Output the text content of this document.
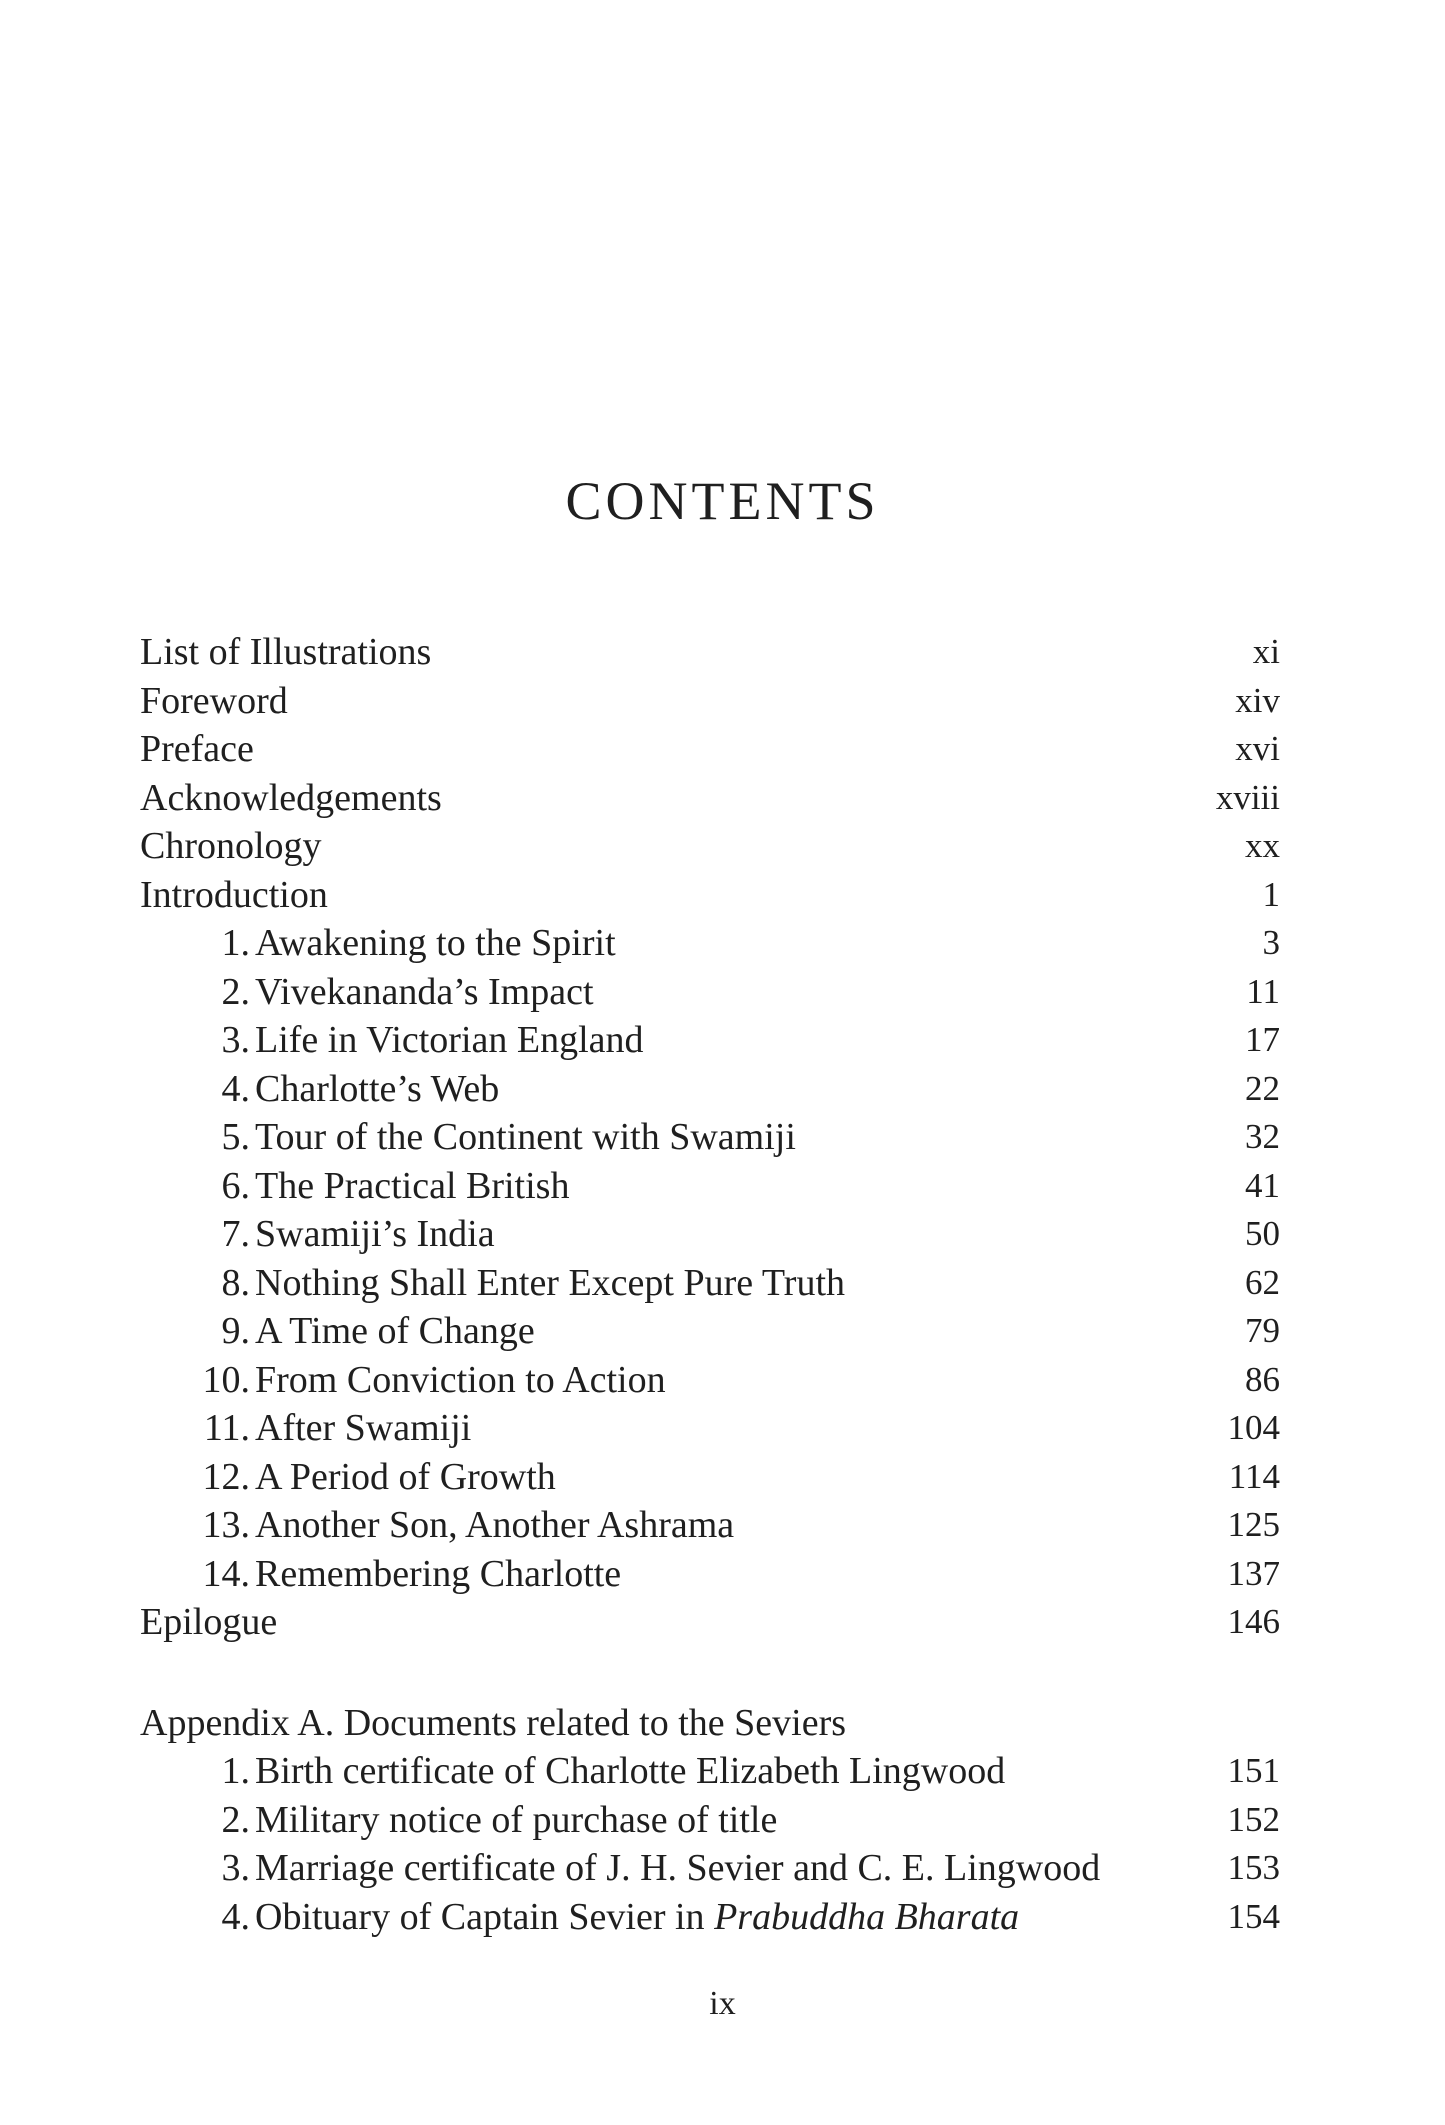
CONTENTS
List of Illustrations	xi
Foreword	xiv
Preface	xvi
Acknowledgements	xviii
Chronology	xx
Introduction	1
1. Awakening to the Spirit	3
2. Vivekananda’s Impact	11
3. Life in Victorian England	17
4. Charlotte’s Web	22
5. Tour of the Continent with Swamiji	32
6. The Practical British	41
7. Swamiji’s India	50
8. Nothing Shall Enter Except Pure Truth	62
9. A Time of Change	79
10. From Conviction to Action	86
11. After Swamiji	104
12. A Period of Growth	114
13. Another Son, Another Ashrama	125
14. Remembering Charlotte	137
Epilogue	146
Appendix A. Documents related to the Seviers
1. Birth certificate of Charlotte Elizabeth Lingwood	151
2. Military notice of purchase of title	152
3. Marriage certificate of J. H. Sevier and C. E. Lingwood	153
4. Obituary of Captain Sevier in Prabuddha Bharata	154
ix
